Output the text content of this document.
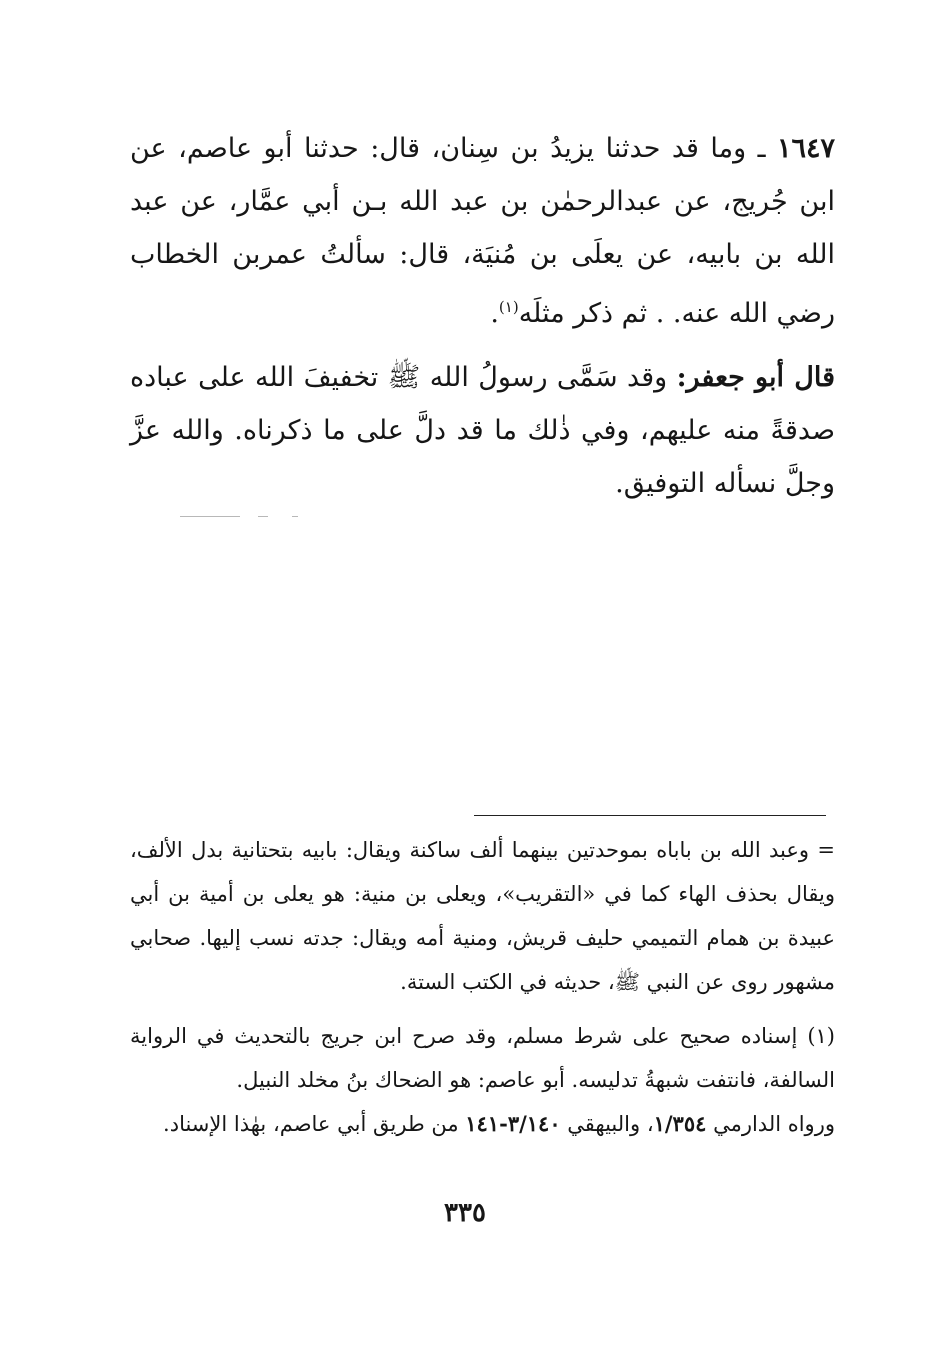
١٦٤٧ ـ وما قد حدثنا يزيدُ بن سِنان، قال: حدثنا أبو عاصم، عن ابن جُريج، عن عبدالرحمٰن بن عبد الله بـن أبي عمَّار، عن عبد الله بن بابيه، عن يعلَى بن مُنيَة، قال: سألتُ عمربن الخطاب رضي الله عنه. . ثم ذكر مثلَه$^{(١)}$.

قال أبو جعفر: وقد سَمَّى رسولُ الله ﷺ تخفيفَ الله على عباده صدقةً منه عليهم، وفي ذٰلك ما قد دلَّ على ما ذكرناه. والله عزَّ وجلَّ نسأله التوفيق.

= وعبد الله بن باباه بموحدتين بينهما ألف ساكنة ويقال: بابيه بتحتانية بدل الألف، ويقال بحذف الهاء كما في «التقريب»، ويعلى بن منية: هو يعلى بن أمية بن أبي عبيدة بن همام التميمي حليف قريش، ومنية أمه ويقال: جدته نسب إليها. صحابي مشهور روى عن النبي ﷺ، حديثه في الكتب الستة.

(١) إسناده صحيح على شرط مسلم، وقد صرح ابن جريج بالتحديث في الرواية السالفة، فانتفت شبهةُ تدليسه. أبو عاصم: هو الضحاك بنُ مخلد النبيل.

ورواه الدارمي ١/٣٥٤، والبيهقي ٣/١٤٠-١٤١ من طريق أبي عاصم، بهٰذا الإسناد.

٣٣٥
